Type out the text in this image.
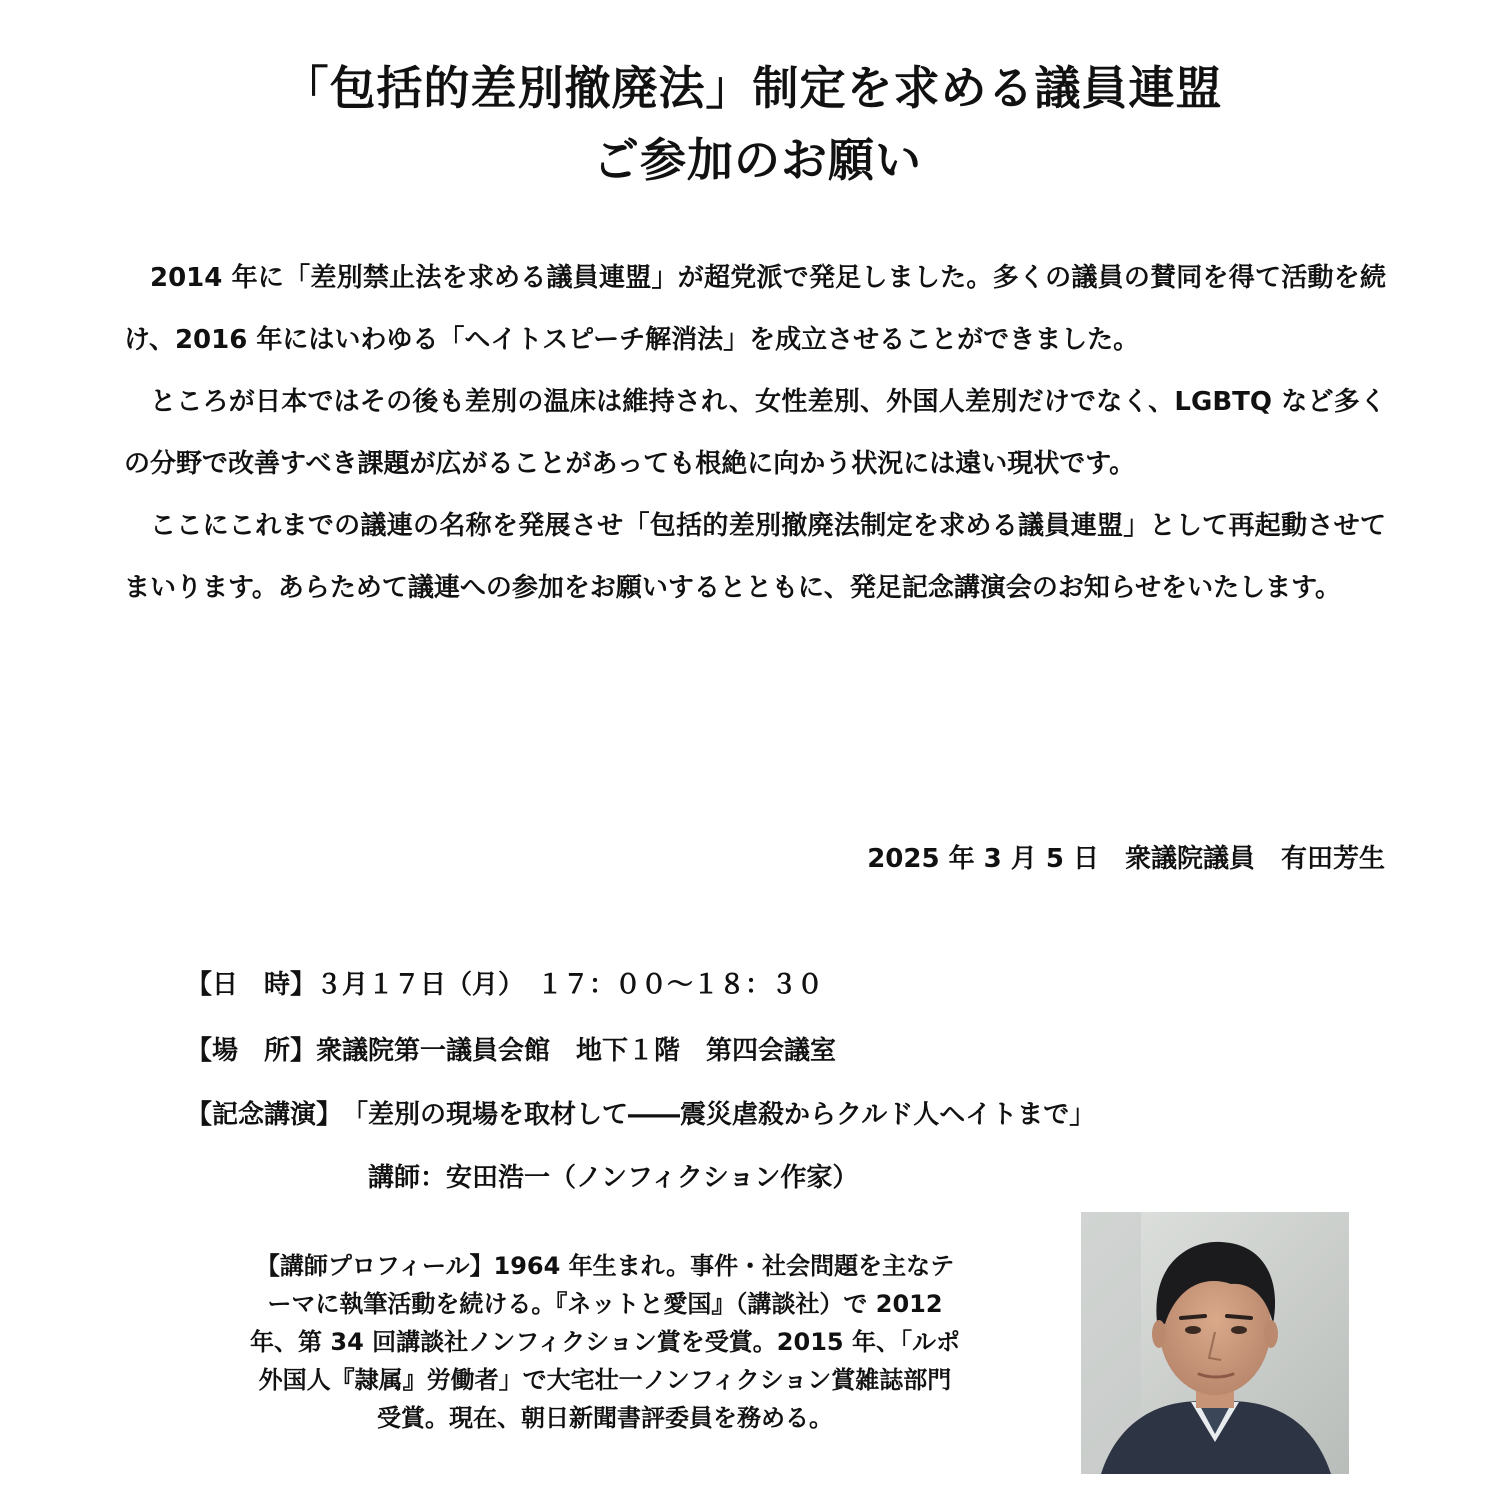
「包括的差別撤廃法」制定を求める議員連盟
ご参加のお願い

2014 年に「差別禁止法を求める議員連盟」が超党派で発足しました。多くの議員の賛同を得て活動を続け、2016 年にはいわゆる「ヘイトスピーチ解消法」を成立させることができました。

ところが日本ではその後も差別の温床は維持され、女性差別、外国人差別だけでなく、LGBTQ など多くの分野で改善すべき課題が広がることがあっても根絶に向かう状況には遠い現状です。

ここにこれまでの議連の名称を発展させ「包括的差別撤廃法制定を求める議員連盟」として再起動させてまいります。あらためて議連への参加をお願いするとともに、発足記念講演会のお知らせをいたします。

2025 年 3 月 5 日　衆議院議員　有田芳生
【日　時】３月１７日（月）　１７：００～１８：３０
【場　所】衆議院第一議員会館　地下１階　第四会議室
【記念講演】「差別の現場を取材して――震災虐殺からクルド人ヘイトまで」
講師：安田浩一（ノンフィクション作家）
【講師プロフィール】1964 年生まれ。事件・社会問題を主なテ
ーマに執筆活動を続ける。『ネットと愛国』（講談社）で 2012
年、第 34 回講談社ノンフィクション賞を受賞。2015 年、「ルポ
外国人『隷属』労働者」で大宅壮一ノンフィクション賞雑誌部門
受賞。現在、朝日新聞書評委員を務める。
